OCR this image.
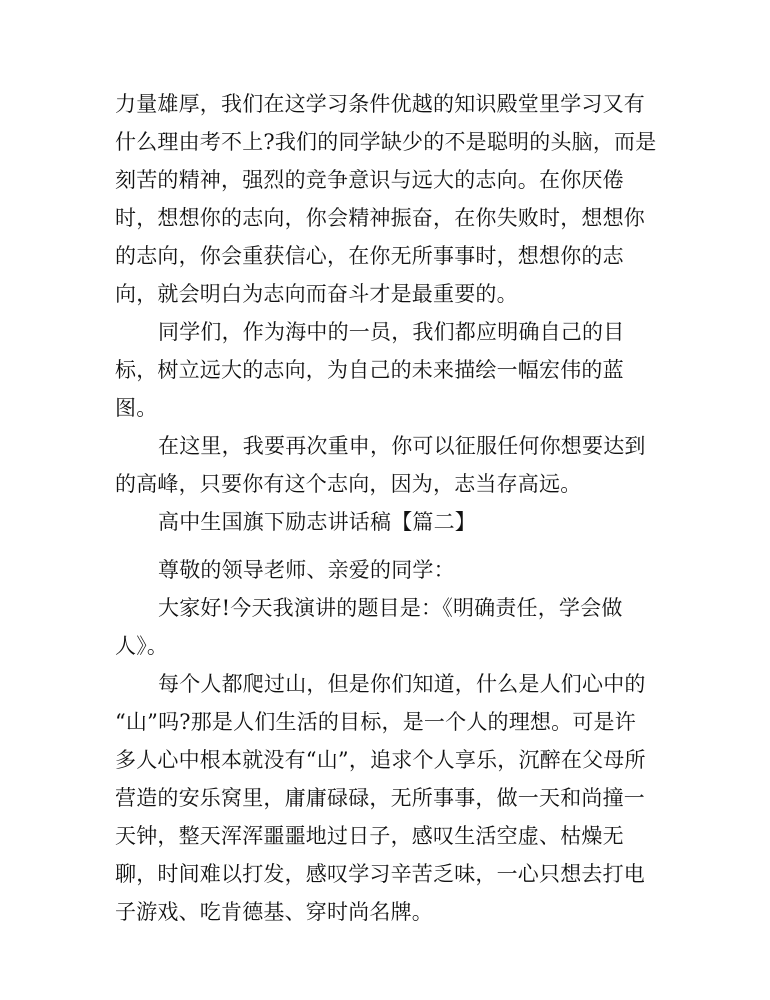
力量雄厚，我们在这学习条件优越的知识殿堂里学习又有
什么理由考不上?我们的同学缺少的不是聪明的头脑，而是
刻苦的精神，强烈的竞争意识与远大的志向。在你厌倦
时，想想你的志向，你会精神振奋，在你失败时，想想你
的志向，你会重获信心，在你无所事事时，想想你的志
向，就会明白为志向而奋斗才是最重要的。
同学们，作为海中的一员，我们都应明确自己的目
标，树立远大的志向，为自己的未来描绘一幅宏伟的蓝
图。
在这里，我要再次重申，你可以征服任何你想要达到
的高峰，只要你有这个志向，因为，志当存高远。
高中生国旗下励志讲话稿【篇二】
尊敬的领导老师、亲爱的同学：
大家好!今天我演讲的题目是：《明确责任，学会做
人》。
每个人都爬过山，但是你们知道，什么是人们心中的
“山”吗?那是人们生活的目标，是一个人的理想。可是许
多人心中根本就没有“山”，追求个人享乐，沉醉在父母所
营造的安乐窝里，庸庸碌碌，无所事事，做一天和尚撞一
天钟，整天浑浑噩噩地过日子，感叹生活空虚、枯燥无
聊，时间难以打发，感叹学习辛苦乏味，一心只想去打电
子游戏、吃肯德基、穿时尚名牌。
